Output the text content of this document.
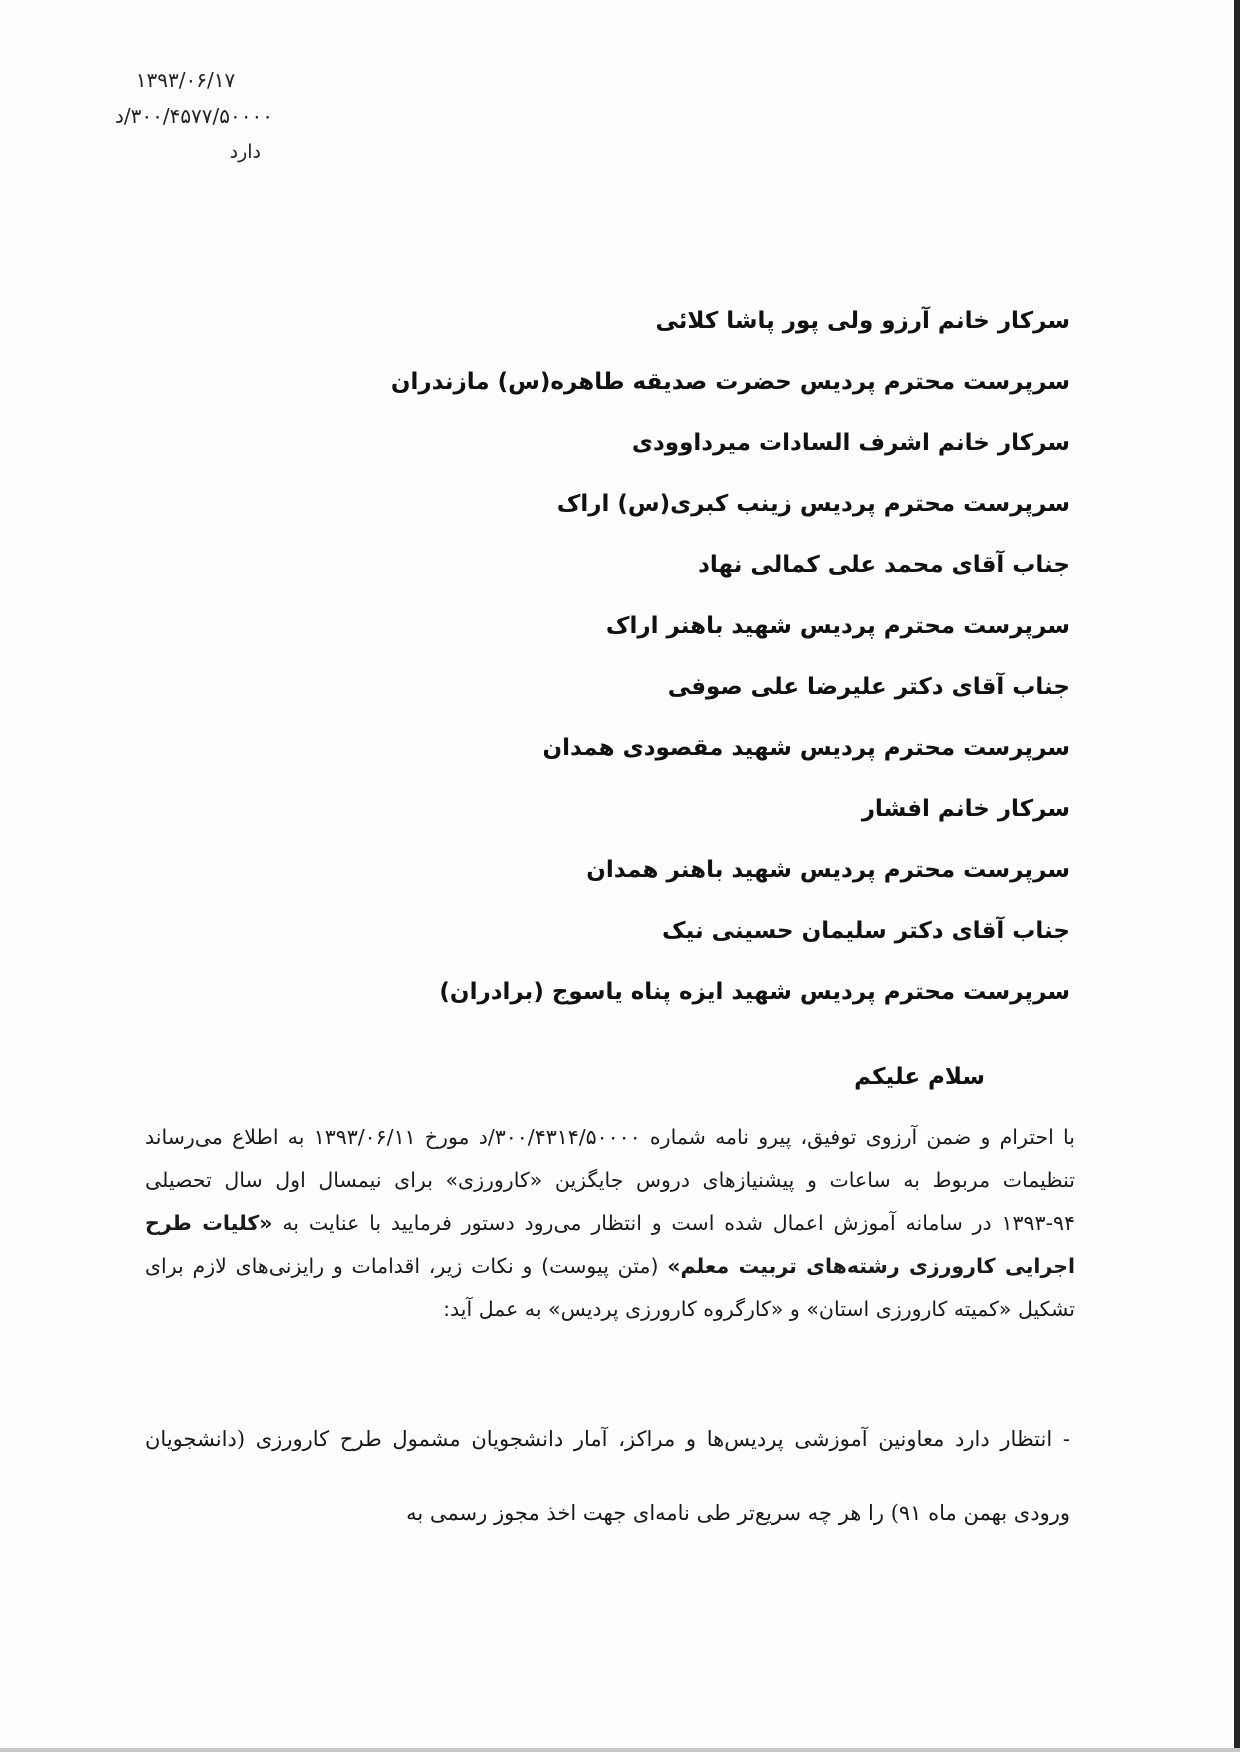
۱۳۹۳/۰۶/۱۷
۳۰۰/۴۵۷۷/۵۰۰۰۰/د
دارد
سرکار خانم آرزو ولی پور پاشا کلائی
سرپرست محترم پردیس حضرت صدیقه طاهره(س) مازندران
سرکار خانم اشرف السادات میرداوودی
سرپرست محترم پردیس زینب کبری(س) اراک
جناب آقای محمد علی کمالی نهاد
سرپرست محترم پردیس شهید باهنر اراک
جناب آقای دکتر علیرضا علی صوفی
سرپرست محترم پردیس شهید مقصودی همدان
سرکار خانم افشار
سرپرست محترم پردیس شهید باهنر همدان
جناب آقای دکتر سلیمان حسینی نیک
سرپرست محترم پردیس شهید ایزه پناه یاسوج (برادران)
سلام علیکم

با احترام و ضمن آرزوی توفیق، پیرو نامه شماره ۳۰۰/۴۳۱۴/۵۰۰۰۰/د مورخ ۱۳۹۳/۰۶/۱۱ به اطلاع می‌رساند تنظیمات مربوط به ساعات و پیشنیازهای دروس جایگزین «کارورزی» برای نیمسال اول سال تحصیلی ۹۴-۱۳۹۳ در سامانه آموزش اعمال شده است و انتظار می‌رود دستور فرمایید با عنایت به «کلیات طرح اجرایی کارورزی رشته‌های تربیت معلم» (متن پیوست) و نکات زیر، اقدامات و رایزنی‌های لازم برای تشکیل «کمیته کارورزی استان» و «کارگروه کارورزی پردیس» به عمل آید:

- انتظار دارد معاونین آموزشی پردیس‌ها و مراکز، آمار دانشجویان مشمول طرح کارورزی (دانشجویان ورودی بهمن ماه ۹۱) را هر چه سریع‌تر طی نامه‌ای جهت اخذ مجوز رسمی به
